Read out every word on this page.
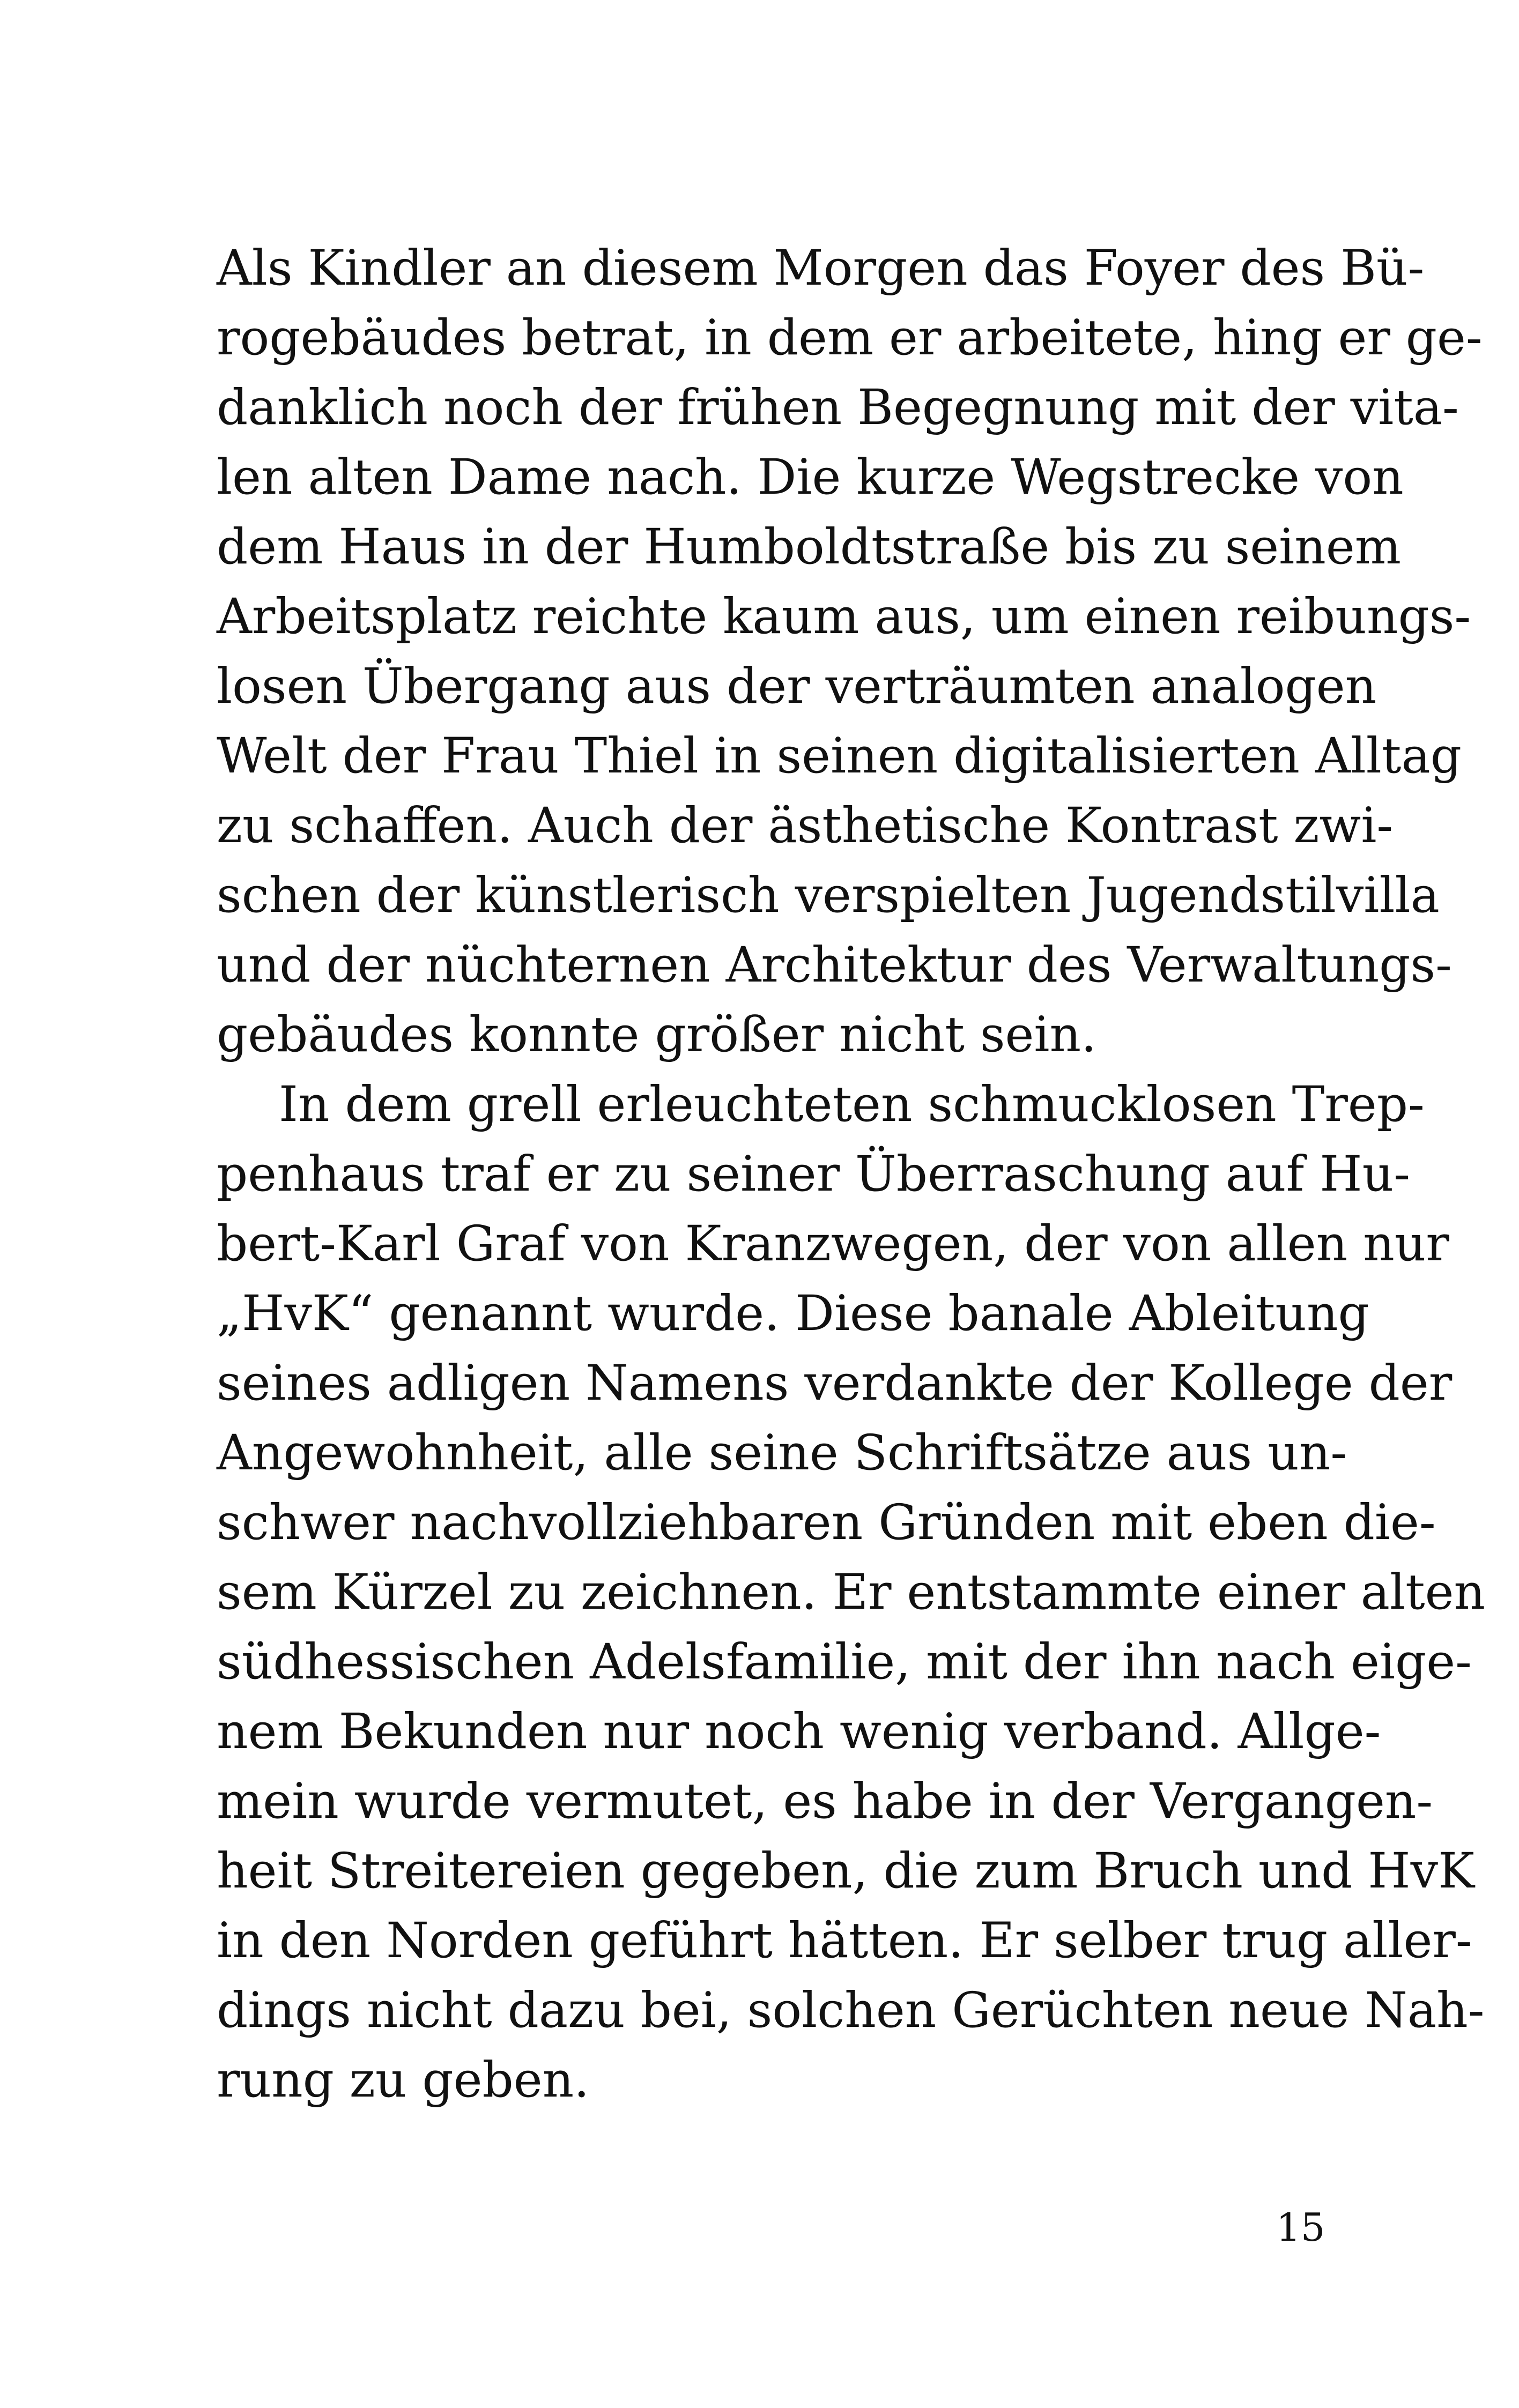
Als Kindler an diesem Morgen das Foyer des Bü-
rogebäudes betrat, in dem er arbeitete, hing er ge-
danklich noch der frühen Begegnung mit der vita-
len alten Dame nach. Die kurze Wegstrecke von
dem Haus in der Humboldtstraße bis zu seinem
Arbeitsplatz reichte kaum aus, um einen reibungs-
losen Übergang aus der verträumten analogen
Welt der Frau Thiel in seinen digitalisierten Alltag
zu schaffen. Auch der ästhetische Kontrast zwi-
schen der künstlerisch verspielten Jugendstilvilla
und der nüchternen Architektur des Verwaltungs-
gebäudes konnte größer nicht sein.

In dem grell erleuchteten schmucklosen Trep-
penhaus traf er zu seiner Überraschung auf Hu-
bert-Karl Graf von Kranzwegen, der von allen nur
„HvK“ genannt wurde. Diese banale Ableitung
seines adligen Namens verdankte der Kollege der
Angewohnheit, alle seine Schriftsätze aus un-
schwer nachvollziehbaren Gründen mit eben die-
sem Kürzel zu zeichnen. Er entstammte einer alten
südhessischen Adelsfamilie, mit der ihn nach eige-
nem Bekunden nur noch wenig verband. Allge-
mein wurde vermutet, es habe in der Vergangen-
heit Streitereien gegeben, die zum Bruch und HvK
in den Norden geführt hätten. Er selber trug aller-
dings nicht dazu bei, solchen Gerüchten neue Nah-
rung zu geben.

15
